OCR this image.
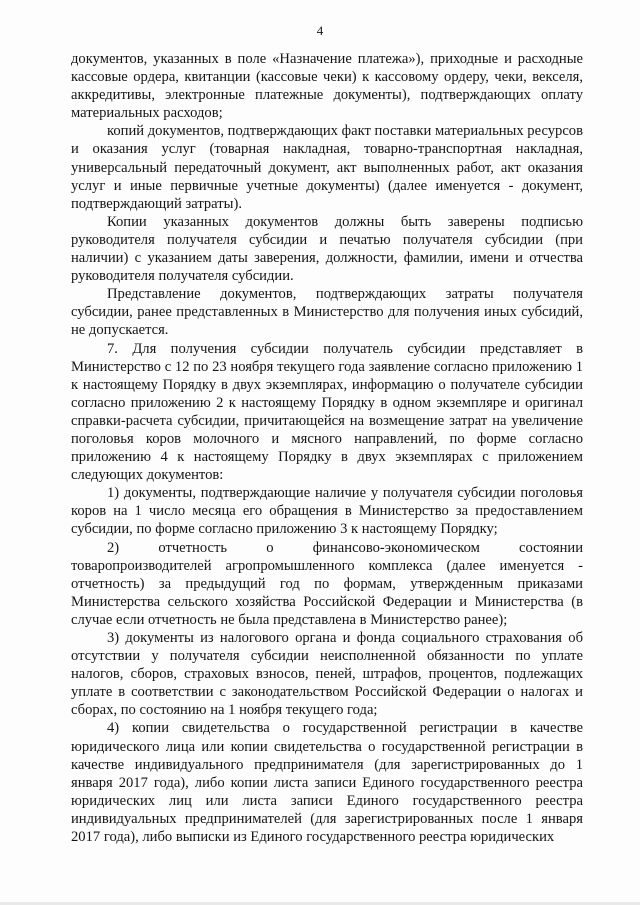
4

документов, указанных в поле «Назначение платежа»), приходные и расходные кассовые ордера, квитанции (кассовые чеки) к кассовому ордеру, чеки, векселя, аккредитивы, электронные платежные документы), подтверждающих оплату материальных расходов;

копий документов, подтверждающих факт поставки материальных ресурсов и оказания услуг (товарная накладная, товарно-транспортная накладная, универсальный передаточный документ, акт выполненных работ, акт оказания услуг и иные первичные учетные документы) (далее именуется - документ, подтверждающий затраты).

Копии указанных документов должны быть заверены подписью руководителя получателя субсидии и печатью получателя субсидии (при наличии) с указанием даты заверения, должности, фамилии, имени и отчества руководителя получателя субсидии.

Представление документов, подтверждающих затраты получателя субсидии, ранее представленных в Министерство для получения иных субсидий, не допускается.

7. Для получения субсидии получатель субсидии представляет в Министерство с 12 по 23 ноября текущего года заявление согласно приложению 1 к настоящему Порядку в двух экземплярах, информацию о получателе субсидии согласно приложению 2 к настоящему Порядку в одном экземпляре и оригинал справки-расчета субсидии, причитающейся на возмещение затрат на увеличение поголовья коров молочного и мясного направлений, по форме согласно приложению 4 к настоящему Порядку в двух экземплярах с приложением следующих документов:

1) документы, подтверждающие наличие у получателя субсидии поголовья коров на 1 число месяца его обращения в Министерство за предоставлением субсидии, по форме согласно приложению 3 к настоящему Порядку;

2) отчетность о финансово-экономическом состоянии товаропроизводителей агропромышленного комплекса (далее именуется - отчетность) за предыдущий год по формам, утвержденным приказами Министерства сельского хозяйства Российской Федерации и Министерства (в случае если отчетность не была представлена в Министерство ранее);

3) документы из налогового органа и фонда социального страхования об отсутствии у получателя субсидии неисполненной обязанности по уплате налогов, сборов, страховых взносов, пеней, штрафов, процентов, подлежащих уплате в соответствии с законодательством Российской Федерации о налогах и сборах, по состоянию на 1 ноября текущего года;

4) копии свидетельства о государственной регистрации в качестве юридического лица или копии свидетельства о государственной регистрации в качестве индивидуального предпринимателя (для зарегистрированных до 1 января 2017 года), либо копии листа записи Единого государственного реестра юридических лиц или листа записи Единого государственного реестра индивидуальных предпринимателей (для зарегистрированных после 1 января 2017 года), либо выписки из Единого государственного реестра юридических
